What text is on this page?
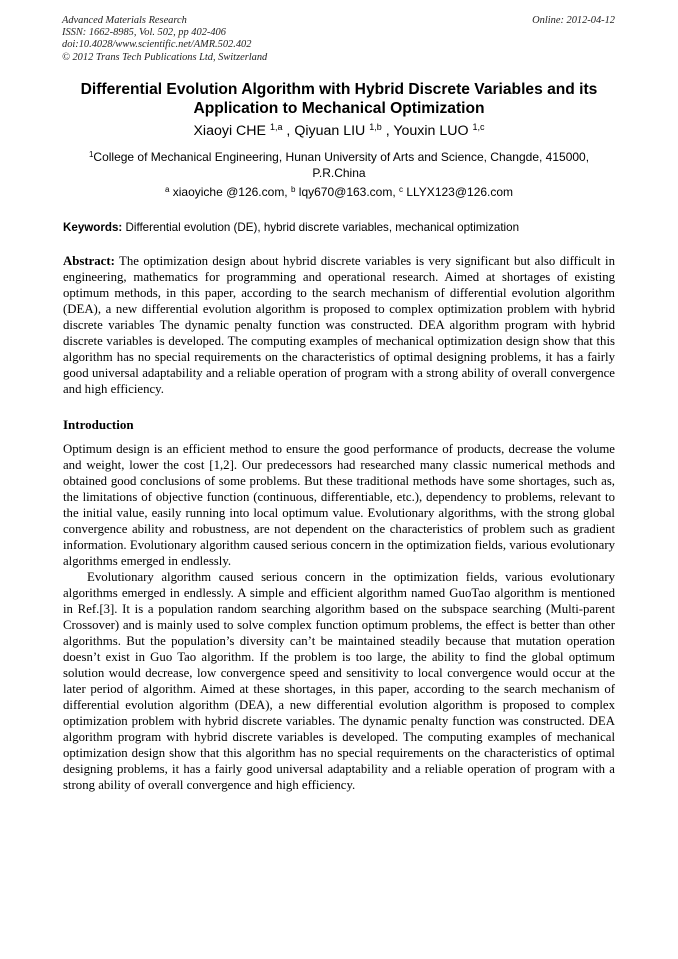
Advanced Materials Research
ISSN: 1662-8985, Vol. 502, pp 402-406
doi:10.4028/www.scientific.net/AMR.502.402
© 2012 Trans Tech Publications Ltd, Switzerland
Online: 2012-04-12
Differential Evolution Algorithm with Hybrid Discrete Variables and its Application to Mechanical Optimization
Xiaoyi CHE $^{1,a}$ , Qiyuan LIU $^{1,b}$ , Youxin LUO $^{1,c}$
$^1$College of Mechanical Engineering, Hunan University of Arts and Science, Changde, 415000, P.R.China
$^a$ xiaoyiche @126.com, $^b$ lqy670@163.com, $^c$ LLYX123@126.com
Keywords: Differential evolution (DE), hybrid discrete variables, mechanical optimization
Abstract: The optimization design about hybrid discrete variables is very significant but also difficult in engineering, mathematics for programming and operational research. Aimed at shortages of existing optimum methods, in this paper, according to the search mechanism of differential evolution algorithm (DEA), a new differential evolution algorithm is proposed to complex optimization problem with hybrid discrete variables The dynamic penalty function was constructed. DEA algorithm program with hybrid discrete variables is developed. The computing examples of mechanical optimization design show that this algorithm has no special requirements on the characteristics of optimal designing problems, it has a fairly good universal adaptability and a reliable operation of program with a strong ability of overall convergence and high efficiency.
Introduction

Optimum design is an efficient method to ensure the good performance of products, decrease the volume and weight, lower the cost [1,2]. Our predecessors had researched many classic numerical methods and obtained good conclusions of some problems. But these traditional methods have some shortages, such as, the limitations of objective function (continuous, differentiable, etc.), dependency to problems, relevant to the initial value, easily running into local optimum value. Evolutionary algorithms, with the strong global convergence ability and robustness, are not dependent on the characteristics of problem such as gradient information. Evolutionary algorithm caused serious concern in the optimization fields, various evolutionary algorithms emerged in endlessly.

Evolutionary algorithm caused serious concern in the optimization fields, various evolutionary algorithms emerged in endlessly. A simple and efficient algorithm named GuoTao algorithm is mentioned in Ref.[3]. It is a population random searching algorithm based on the subspace searching (Multi-parent Crossover) and is mainly used to solve complex function optimum problems, the effect is better than other algorithms. But the population’s diversity can’t be maintained steadily because that mutation operation doesn’t exist in Guo Tao algorithm. If the problem is too large, the ability to find the global optimum solution would decrease, low convergence speed and sensitivity to local convergence would occur at the later period of algorithm. Aimed at these shortages, in this paper, according to the search mechanism of differential evolution algorithm (DEA), a new differential evolution algorithm is proposed to complex optimization problem with hybrid discrete variables. The dynamic penalty function was constructed. DEA algorithm program with hybrid discrete variables is developed. The computing examples of mechanical optimization design show that this algorithm has no special requirements on the characteristics of optimal designing problems, it has a fairly good universal adaptability and a reliable operation of program with a strong ability of overall convergence and high efficiency.
